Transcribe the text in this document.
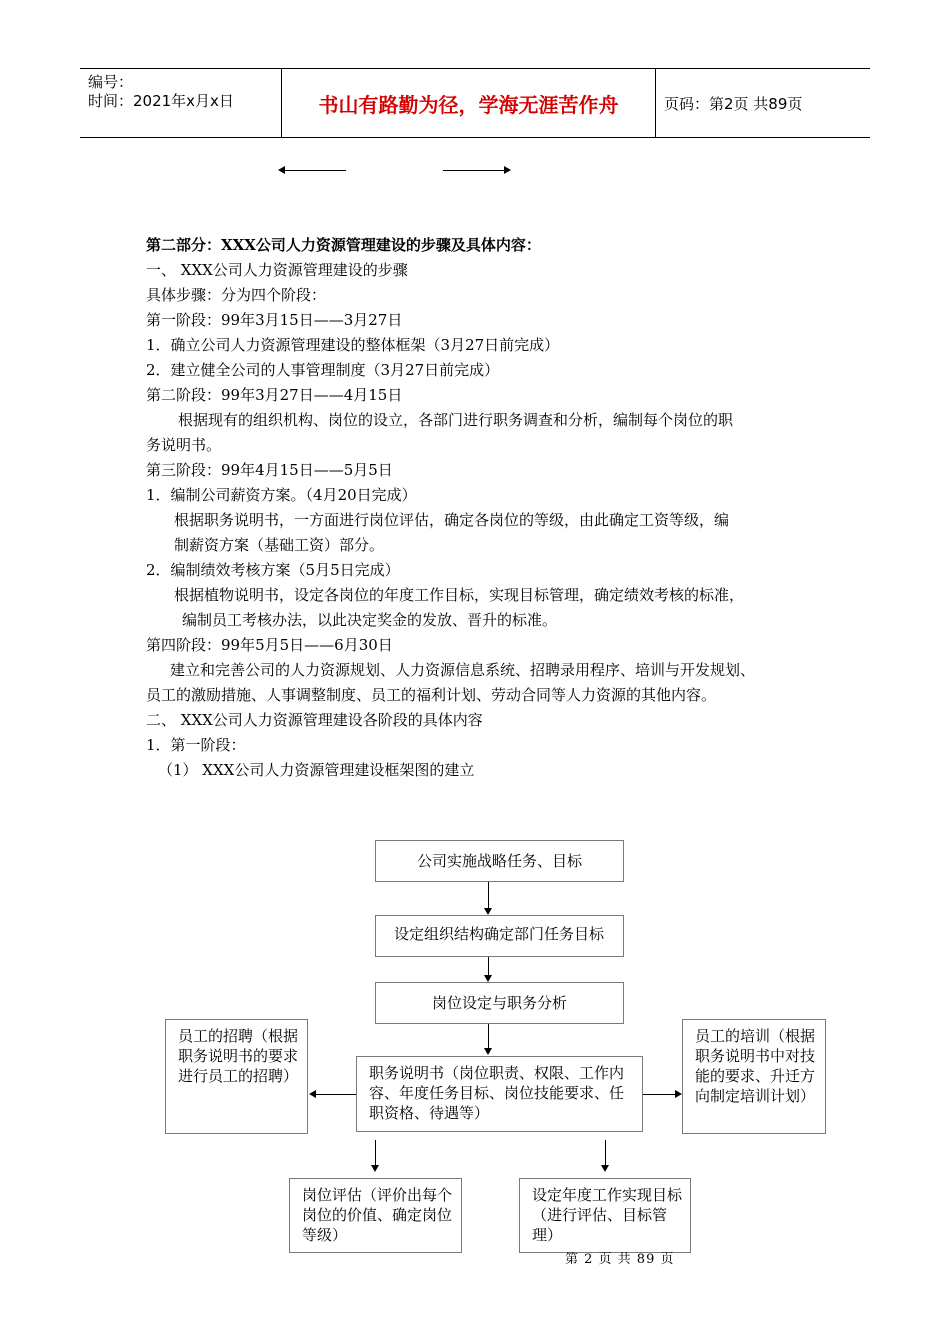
编号：
时间：2021年x月x日	书山有路勤为径，学海无涯苦作舟	页码：第2页 共89页
第二部分：XXX公司人力资源管理建设的步骤及具体内容：
一、 XXX公司人力资源管理建设的步骤
具体步骤：分为四个阶段：
第一阶段：99年3月15日——3月27日
1．确立公司人力资源管理建设的整体框架（3月27日前完成）
2．建立健全公司的人事管理制度（3月27日前完成）
第二阶段：99年3月27日——4月15日
根据现有的组织机构、岗位的设立，各部门进行职务调查和分析，编制每个岗位的职
务说明书。
第三阶段：99年4月15日——5月5日
1．编制公司薪资方案。（4月20日完成）
根据职务说明书，一方面进行岗位评估，确定各岗位的等级，由此确定工资等级，编
制薪资方案（基础工资）部分。
2．编制绩效考核方案（5月5日完成）
根据植物说明书，设定各岗位的年度工作目标，实现目标管理，确定绩效考核的标准，
编制员工考核办法，以此决定奖金的发放、晋升的标准。
第四阶段：99年5月5日——6月30日
建立和完善公司的人力资源规划、人力资源信息系统、招聘录用程序、培训与开发规划、
员工的激励措施、人事调整制度、员工的福利计划、劳动合同等人力资源的其他内容。
二、 XXX公司人力资源管理建设各阶段的具体内容
1．第一阶段：
（1） XXX公司人力资源管理建设框架图的建立
公司实施战略任务、目标
设定组织结构确定部门任务目标
岗位设定与职务分析
职务说明书（岗位职责、权限、工作内容、年度任务目标、岗位技能要求、任职资格、待遇等）
员工的招聘（根据职务说明书的要求进行员工的招聘）
员工的培训（根据职务说明书中对技能的要求、升迁方向制定培训计划）
岗位评估（评价出每个岗位的价值、确定岗位等级）
设定年度工作实现目标（进行评估、目标管理）
第 2 页 共 89 页
